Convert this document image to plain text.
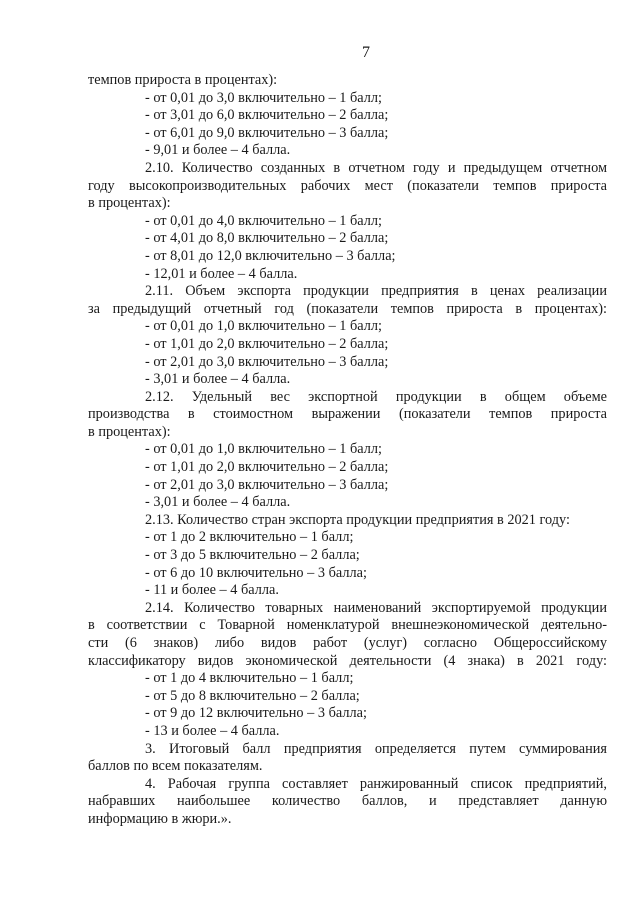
7
темпов прироста в процентах):
- от 0,01 до 3,0 включительно – 1 балл;
- от 3,01 до 6,0 включительно – 2 балла;
- от 6,01 до 9,0 включительно – 3 балла;
- 9,01 и более – 4 балла.
2.10. Количество созданных в отчетном году и предыдущем отчетном
году высокопроизводительных рабочих мест (показатели темпов прироста
в процентах):
- от 0,01 до 4,0 включительно – 1 балл;
- от 4,01 до 8,0 включительно – 2 балла;
- от 8,01 до 12,0 включительно – 3 балла;
- 12,01 и более – 4 балла.
2.11. Объем экспорта продукции предприятия в ценах реализации
за предыдущий отчетный год (показатели темпов прироста в процентах):
- от 0,01 до 1,0 включительно – 1 балл;
- от 1,01 до 2,0 включительно – 2 балла;
- от 2,01 до 3,0 включительно – 3 балла;
- 3,01 и более – 4 балла.
2.12. Удельный вес экспортной продукции в общем объеме
производства в стоимостном выражении (показатели темпов прироста
в процентах):
- от 0,01 до 1,0 включительно – 1 балл;
- от 1,01 до 2,0 включительно – 2 балла;
- от 2,01 до 3,0 включительно – 3 балла;
- 3,01 и более – 4 балла.
2.13. Количество стран экспорта продукции предприятия в 2021 году:
- от 1 до 2 включительно – 1 балл;
- от 3 до 5 включительно – 2 балла;
- от 6 до 10 включительно – 3 балла;
- 11 и более – 4 балла.
2.14. Количество товарных наименований экспортируемой продукции
в соответствии с Товарной номенклатурой внешнеэкономической деятельно-
сти (6 знаков) либо видов работ (услуг) согласно Общероссийскому
классификатору видов экономической деятельности (4 знака) в 2021 году:
- от 1 до 4 включительно – 1 балл;
- от 5 до 8 включительно – 2 балла;
- от 9 до 12 включительно – 3 балла;
- 13 и более – 4 балла.
3. Итоговый балл предприятия определяется путем суммирования
баллов по всем показателям.
4. Рабочая группа составляет ранжированный список предприятий,
набравших наибольшее количество баллов, и представляет данную
информацию в жюри.».
